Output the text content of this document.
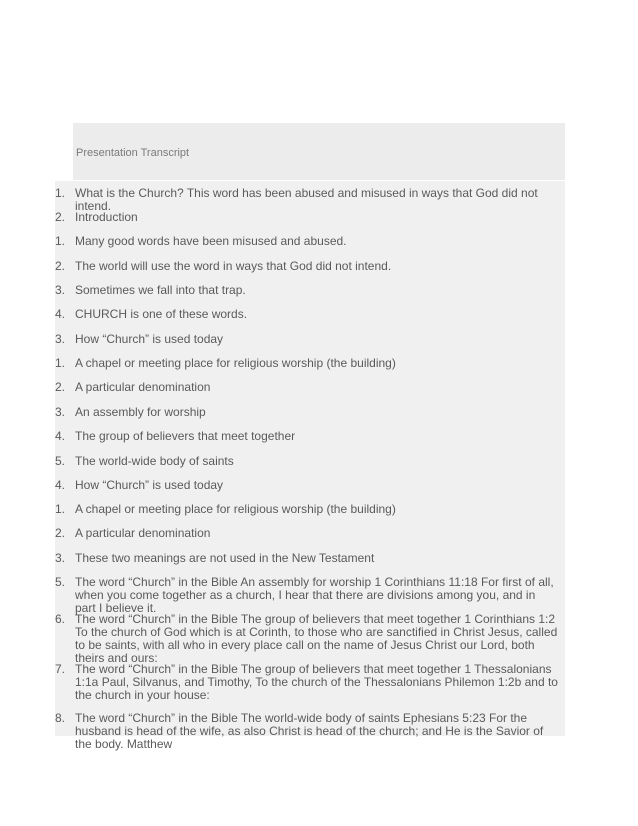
Presentation Transcript
1. What is the Church? This word has been abused and misused in ways that God did not intend.
2. Introduction
1. Many good words have been misused and abused.
2. The world will use the word in ways that God did not intend.
3. Sometimes we fall into that trap.
4. CHURCH is one of these words.
3. How “Church” is used today
1. A chapel or meeting place for religious worship (the building)
2. A particular denomination
3. An assembly for worship
4. The group of believers that meet together
5. The world-wide body of saints
4. How “Church” is used today
1. A chapel or meeting place for religious worship (the building)
2. A particular denomination
3. These two meanings are not used in the New Testament
5. The word “Church” in the Bible An assembly for worship 1 Corinthians 11:18 For first of all, when you come together as a church, I hear that there are divisions among you, and in part I believe it.
6. The word “Church” in the Bible The group of believers that meet together 1 Corinthians 1:2 To the church of God which is at Corinth, to those who are sanctified in Christ Jesus, called to be saints, with all who in every place call on the name of Jesus Christ our Lord, both theirs and ours:
7. The word “Church” in the Bible The group of believers that meet together 1 Thessalonians 1:1a Paul, Silvanus, and Timothy, To the church of the Thessalonians Philemon 1:2b and to the church in your house:
8. The word “Church” in the Bible The world-wide body of saints Ephesians 5:23 For the husband is head of the wife, as also Christ is head of the church; and He is the Savior of the body. Matthew
